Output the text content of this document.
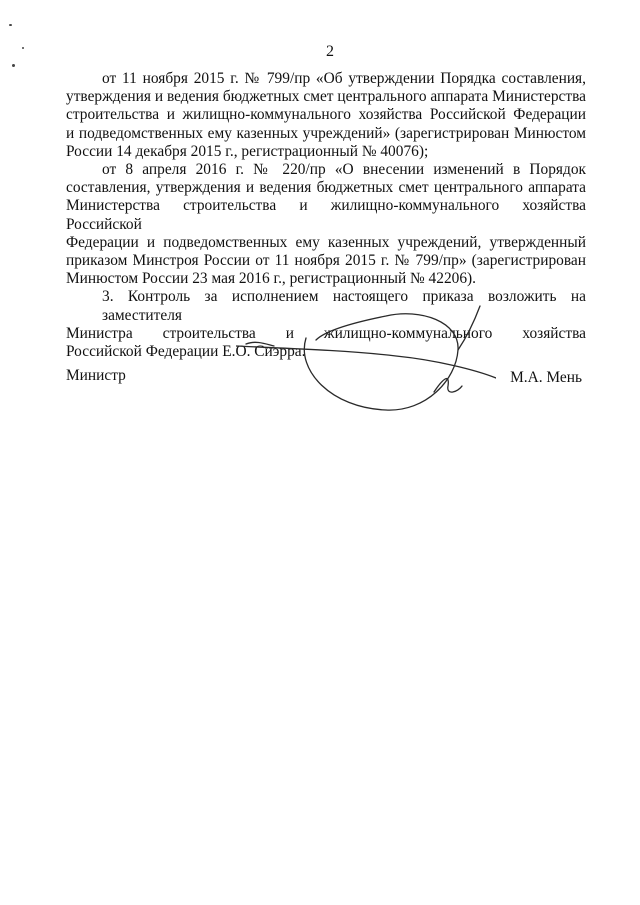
2

от 11 ноября 2015 г. № 799/пр «Об утверждении Порядка составления,
утверждения и ведения бюджетных смет центрального аппарата Министерства
строительства и жилищно-коммунального хозяйства Российской Федерации
и подведомственных ему казенных учреждений» (зарегистрирован Минюстом
России 14 декабря 2015 г., регистрационный № 40076);

от 8 апреля 2016 г. № 220/пр «О внесении изменений в Порядок
составления, утверждения и ведения бюджетных смет центрального аппарата
Министерства строительства и жилищно-коммунального хозяйства Российской
Федерации и подведомственных ему казенных учреждений, утвержденный
приказом Минстроя России от 11 ноября 2015 г. № 799/пр» (зарегистрирован
Минюстом России 23 мая 2016 г., регистрационный № 42206).

3. Контроль за исполнением настоящего приказа возложить на заместителя
Министра строительства и жилищно-коммунального хозяйства
Российской Федерации Е.О. Сиэрра.

Министр	М.А. Мень
